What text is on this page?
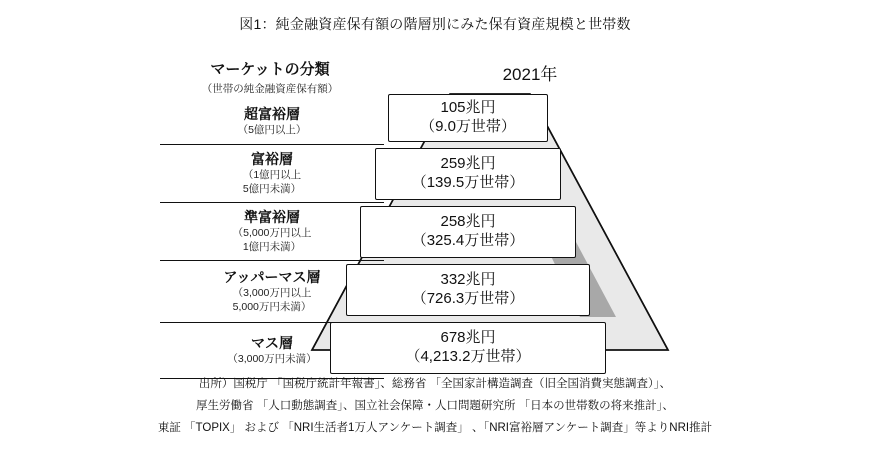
図1：純金融資産保有額の階層別にみた保有資産規模と世帯数
2021年
マーケットの分類
（世帯の純金融資産保有額）
超富裕層
（5億円以上）
富裕層
（1億円以上
5億円未満）
準富裕層
（5,000万円以上
1億円未満）
アッパーマス層
（3,000万円以上
5,000万円未満）
マス層
（3,000万円未満）
105兆円
（9.0万世帯）
259兆円
（139.5万世帯）
258兆円
（325.4万世帯）
332兆円
（726.3万世帯）
678兆円
（4,213.2万世帯）
出所）国税庁 「国税庁統計年報書」、総務省 「全国家計構造調査（旧全国消費実態調査）」、
厚生労働省 「人口動態調査」、国立社会保障・人口問題研究所 「日本の世帯数の将来推計」、
東証 「TOPIX」 および 「NRI生活者1万人アンケート調査」 、「NRI富裕層アンケート調査」等よりNRI推計
